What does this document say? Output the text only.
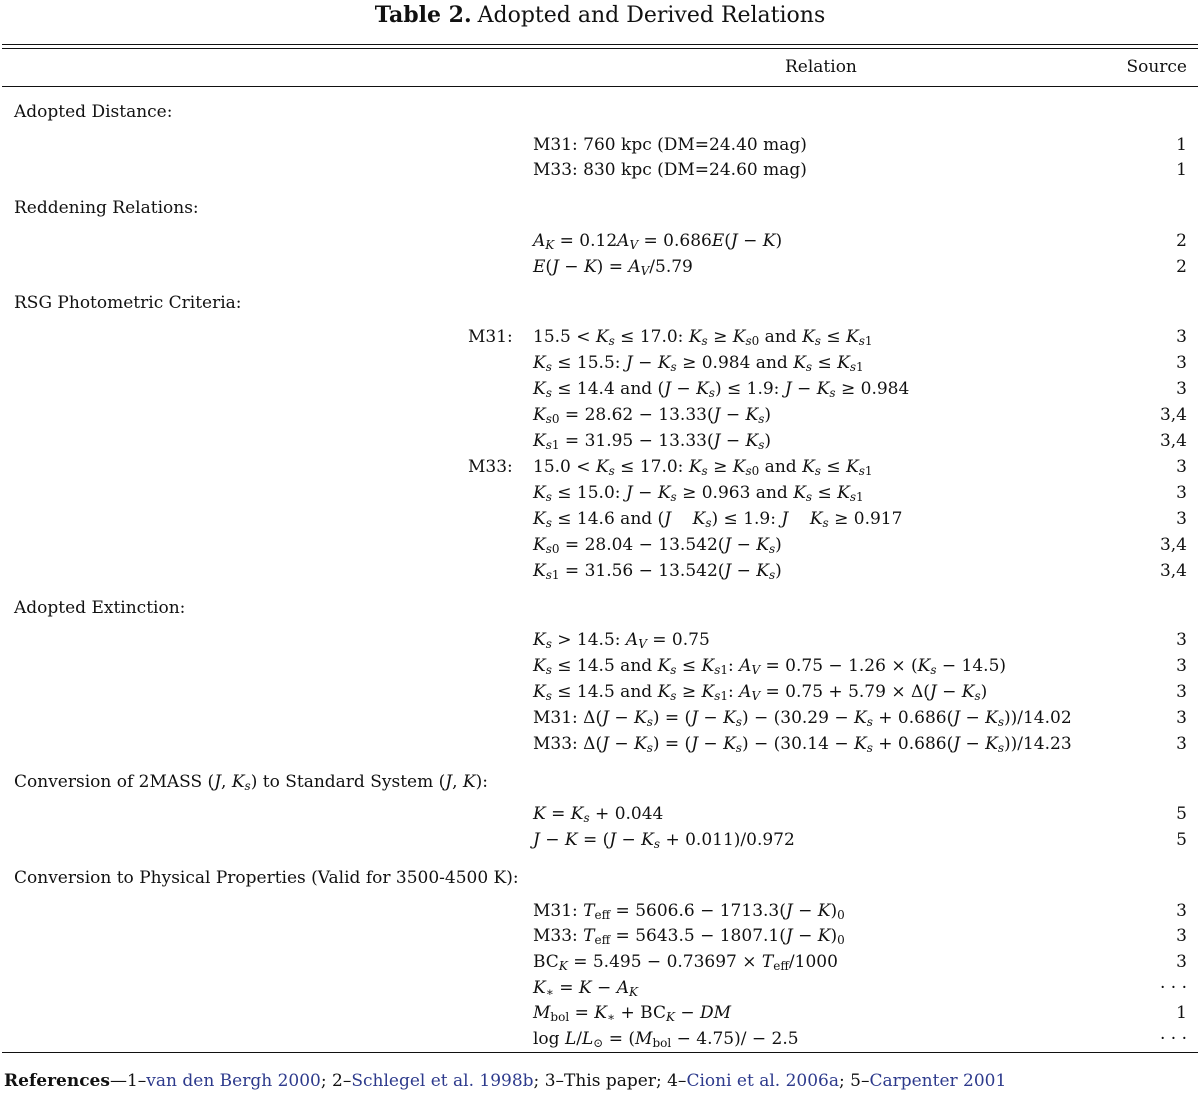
Table 2. Adopted and Derived Relations
Relation	Source
Adopted Distance:
M31: 760 kpc (DM=24.40 mag)	1
M33: 830 kpc (DM=24.60 mag)	1
Reddening Relations:
$A_K = 0.12A_V = 0.686E(J - K)$	2
$E(J - K) = A_V/5.79$	2
RSG Photometric Criteria:
M31: $15.5 < K_s \le 17.0$: $K_s \ge K_{s0}$ and $K_s \le K_{s1}$	3
$K_s \le 15.5$: $J - K_s \ge 0.984$ and $K_s \le K_{s1}$	3
$K_s \le 14.4$ and $(J - K_s) \le 1.9$: $J - K_s \ge 0.984$	3
$K_{s0} = 28.62 - 13.33(J - K_s)$	3,4
$K_{s1} = 31.95 - 13.33(J - K_s)$	3,4
M33: $15.0 < K_s \le 17.0$: $K_s \ge K_{s0}$ and $K_s \le K_{s1}$	3
$K_s \le 15.0$: $J - K_s \ge 0.963$ and $K_s \le K_{s1}$	3
$K_s \le 14.6$ and (J $K_s) \le 1.9$: J $K_s \ge 0.917$	3
$K_{s0} = 28.04 - 13.542(J - K_s)$	3,4
$K_{s1} = 31.56 - 13.542(J - K_s)$	3,4
Adopted Extinction:
$K_s > 14.5$: $A_V = 0.75$	3
$K_s \le 14.5$ and $K_s \le K_{s1}$: $A_V = 0.75 - 1.26 \times (K_s - 14.5)$	3
$K_s \le 14.5$ and $K_s \ge K_{s1}$: $A_V = 0.75 + 5.79 \times \Delta(J - K_s)$	3
M31: $\Delta(J - K_s) = (J - K_s) - (30.29 - K_s + 0.686(J - K_s))/14.02$	3
M33: $\Delta(J - K_s) = (J - K_s) - (30.14 - K_s + 0.686(J - K_s))/14.23$	3
Conversion of 2MASS (J, $K_s$) to Standard System (J, K):
$K = K_s + 0.044$	5
$J - K = (J - K_s + 0.011)/0.972$	5
Conversion to Physical Properties (Valid for 3500-4500 K):
M31: $T_{eff} = 5606.6 - 1713.3(J - K)_0$	3
M33: $T_{eff} = 5643.5 - 1807.1(J - K)_0$	3
$BC_K = 5.495 - 0.73697 \times T_{eff}/1000$	3
$K_∗ = K - A_K$	· · ·
$M_{bol} = K_∗ + BC_K$ − DM	1
$\log L/L_⊙ = (M_{bol} - 4.75)/ - 2.5$	· · ·
References—1–van den Bergh 2000; 2–Schlegel et al. 1998b; 3–This paper; 4–Cioni et al. 2006a; 5–Carpenter 2001
